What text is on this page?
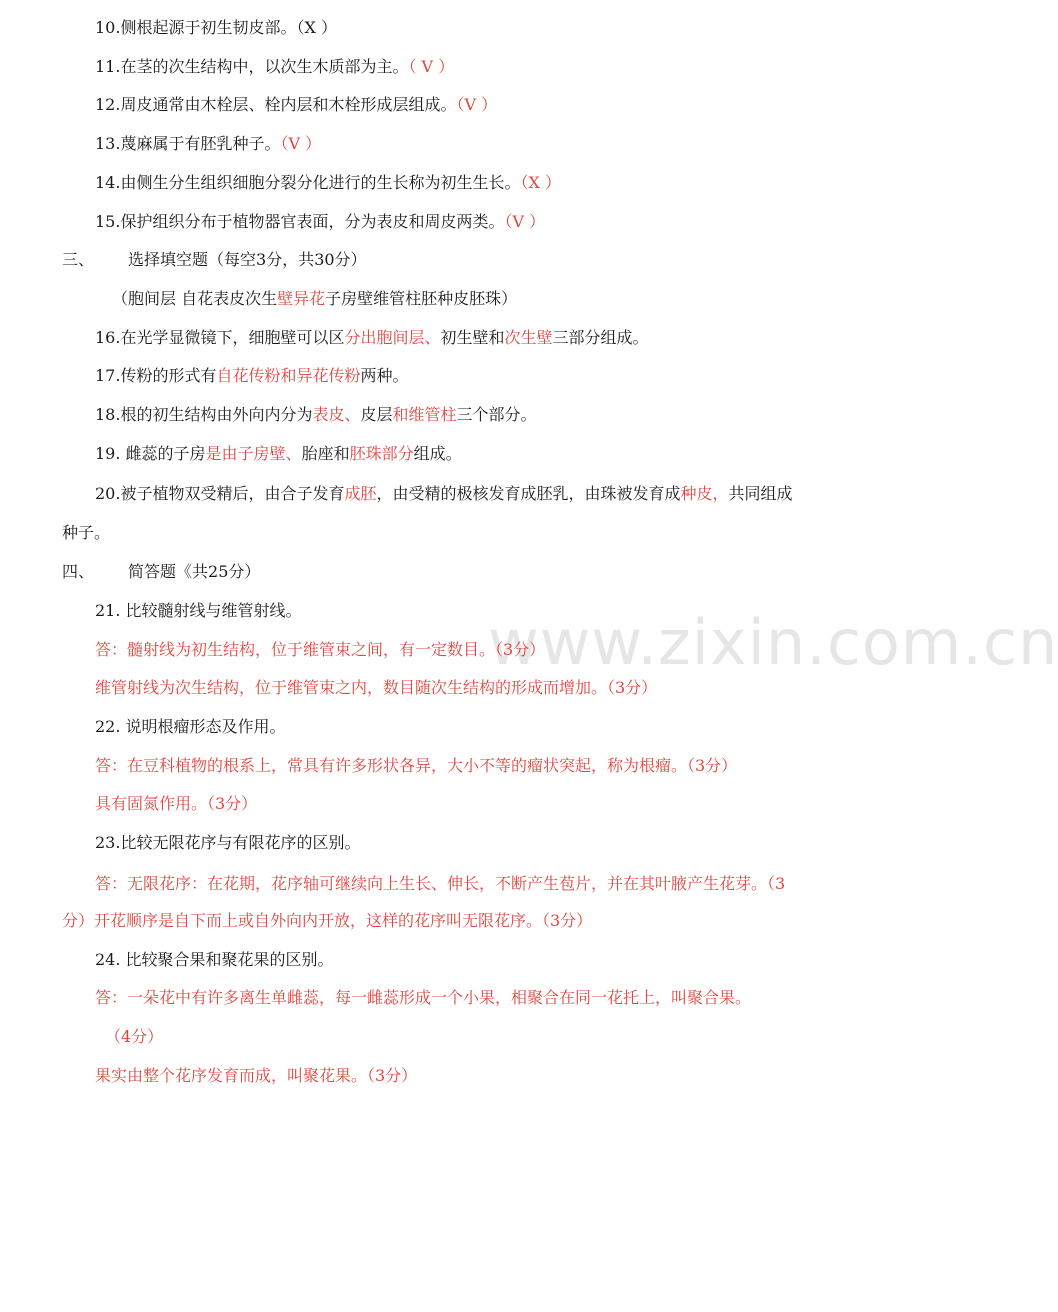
www.zixin.com.cn
10.侧根起源于初生韧皮部。（X ）
11.在茎的次生结构中，以次生木质部为主。（ V ）
12.周皮通常由木栓层、栓内层和木栓形成层组成。（V ）
13.蔑麻属于有胚乳种子。（V ）
14.由侧生分生组织细胞分裂分化进行的生长称为初生生长。（X ）
15.保护组织分布于植物器官表面，分为表皮和周皮两类。（V ）
三、 选择填空题（每空3分，共30分）
（胞间层 自花表皮次生壁异花子房壁维管柱胚种皮胚珠）
16.在光学显微镜下，细胞壁可以区分出胞间层、初生壁和次生壁三部分组成。
17.传粉的形式有自花传粉和异花传粉两种。
18.根的初生结构由外向内分为表皮、皮层和维管柱三个部分。
19. 雌蕊的子房是由子房壁、胎座和胚珠部分组成。
20.被子植物双受精后，由合子发育成胚，由受精的极核发育成胚乳，由珠被发育成种皮，共同组成
种子。
四、 简答题《共25分）
21. 比较髓射线与维管射线。
答：髓射线为初生结构，位于维管束之间，有一定数目。（3分）
维管射线为次生结构，位于维管束之内，数目随次生结构的形成而增加。（3分）
22. 说明根瘤形态及作用。
答：在豆科植物的根系上，常具有许多形状各异，大小不等的瘤状突起，称为根瘤。（3分）
具有固氮作用。（3分）
23.比较无限花序与有限花序的区别。
答：无限花序：在花期，花序轴可继续向上生长、伸长，不断产生苞片，并在其叶腋产生花芽。（3
分）开花顺序是自下而上或自外向内开放，这样的花序叫无限花序。（3分）
24. 比较聚合果和聚花果的区别。
答：一朵花中有许多离生单雌蕊，每一雌蕊形成一个小果，相聚合在同一花托上，叫聚合果。
（4分）
果实由整个花序发育而成，叫聚花果。（3分）
